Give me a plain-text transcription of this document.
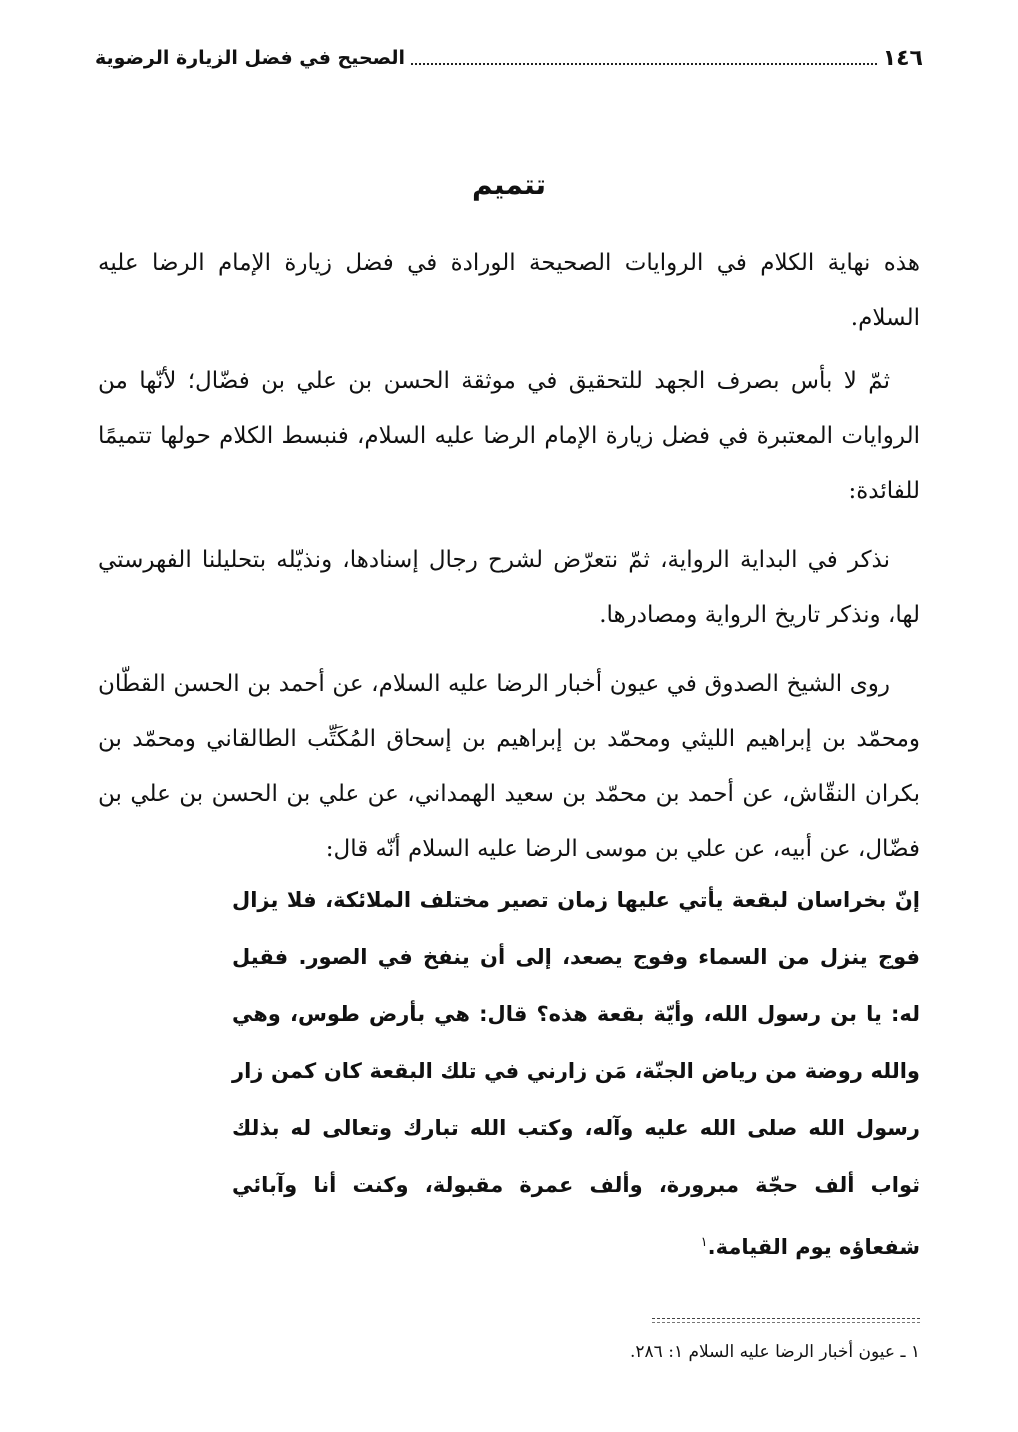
١٤٦
الصحيح في فضل الزيارة الرضوية
تتميم

هذه نهاية الكلام في الروايات الصحيحة الورادة في فضل زيارة الإمام الرضا عليه السلام.

ثمّ لا بأس بصرف الجهد للتحقيق في موثقة الحسن بن علي بن فضّال؛ لأنّها من الروايات المعتبرة في فضل زيارة الإمام الرضا عليه السلام، فنبسط الكلام حولها تتميمًا للفائدة:

نذكر في البداية الرواية، ثمّ نتعرّض لشرح رجال إسنادها، ونذيّله بتحليلنا الفهرستي لها، ونذكر تاريخ الرواية ومصادرها.

روى الشيخ الصدوق في عيون أخبار الرضا عليه السلام، عن أحمد بن الحسن القطّان ومحمّد بن إبراهيم الليثي ومحمّد بن إبراهيم بن إسحاق المُكَتِّب الطالقاني ومحمّد بن بكران النقّاش، عن أحمد بن محمّد بن سعيد الهمداني، عن علي بن الحسن بن علي بن فضّال، عن أبيه، عن علي بن موسى الرضا عليه السلام أنّه قال:

إنّ بخراسان لبقعة يأتي عليها زمان تصير مختلف الملائكة، فلا يزال فوج ينزل من السماء وفوج يصعد، إلى أن ينفخ في الصور. فقيل له: يا بن رسول الله، وأيّة بقعة هذه؟ قال: هي بأرض طوس، وهي والله روضة من رياض الجنّة، مَن زارني في تلك البقعة كان كمن زار رسول الله صلى الله عليه وآله، وكتب الله تبارك وتعالى له بذلك ثواب ألف حجّة مبرورة، وألف عمرة مقبولة، وكنت أنا وآبائي شفعاؤه يوم القيامة.$^١$
١ ـ عيون أخبار الرضا عليه السلام ١: ٢٨٦.
